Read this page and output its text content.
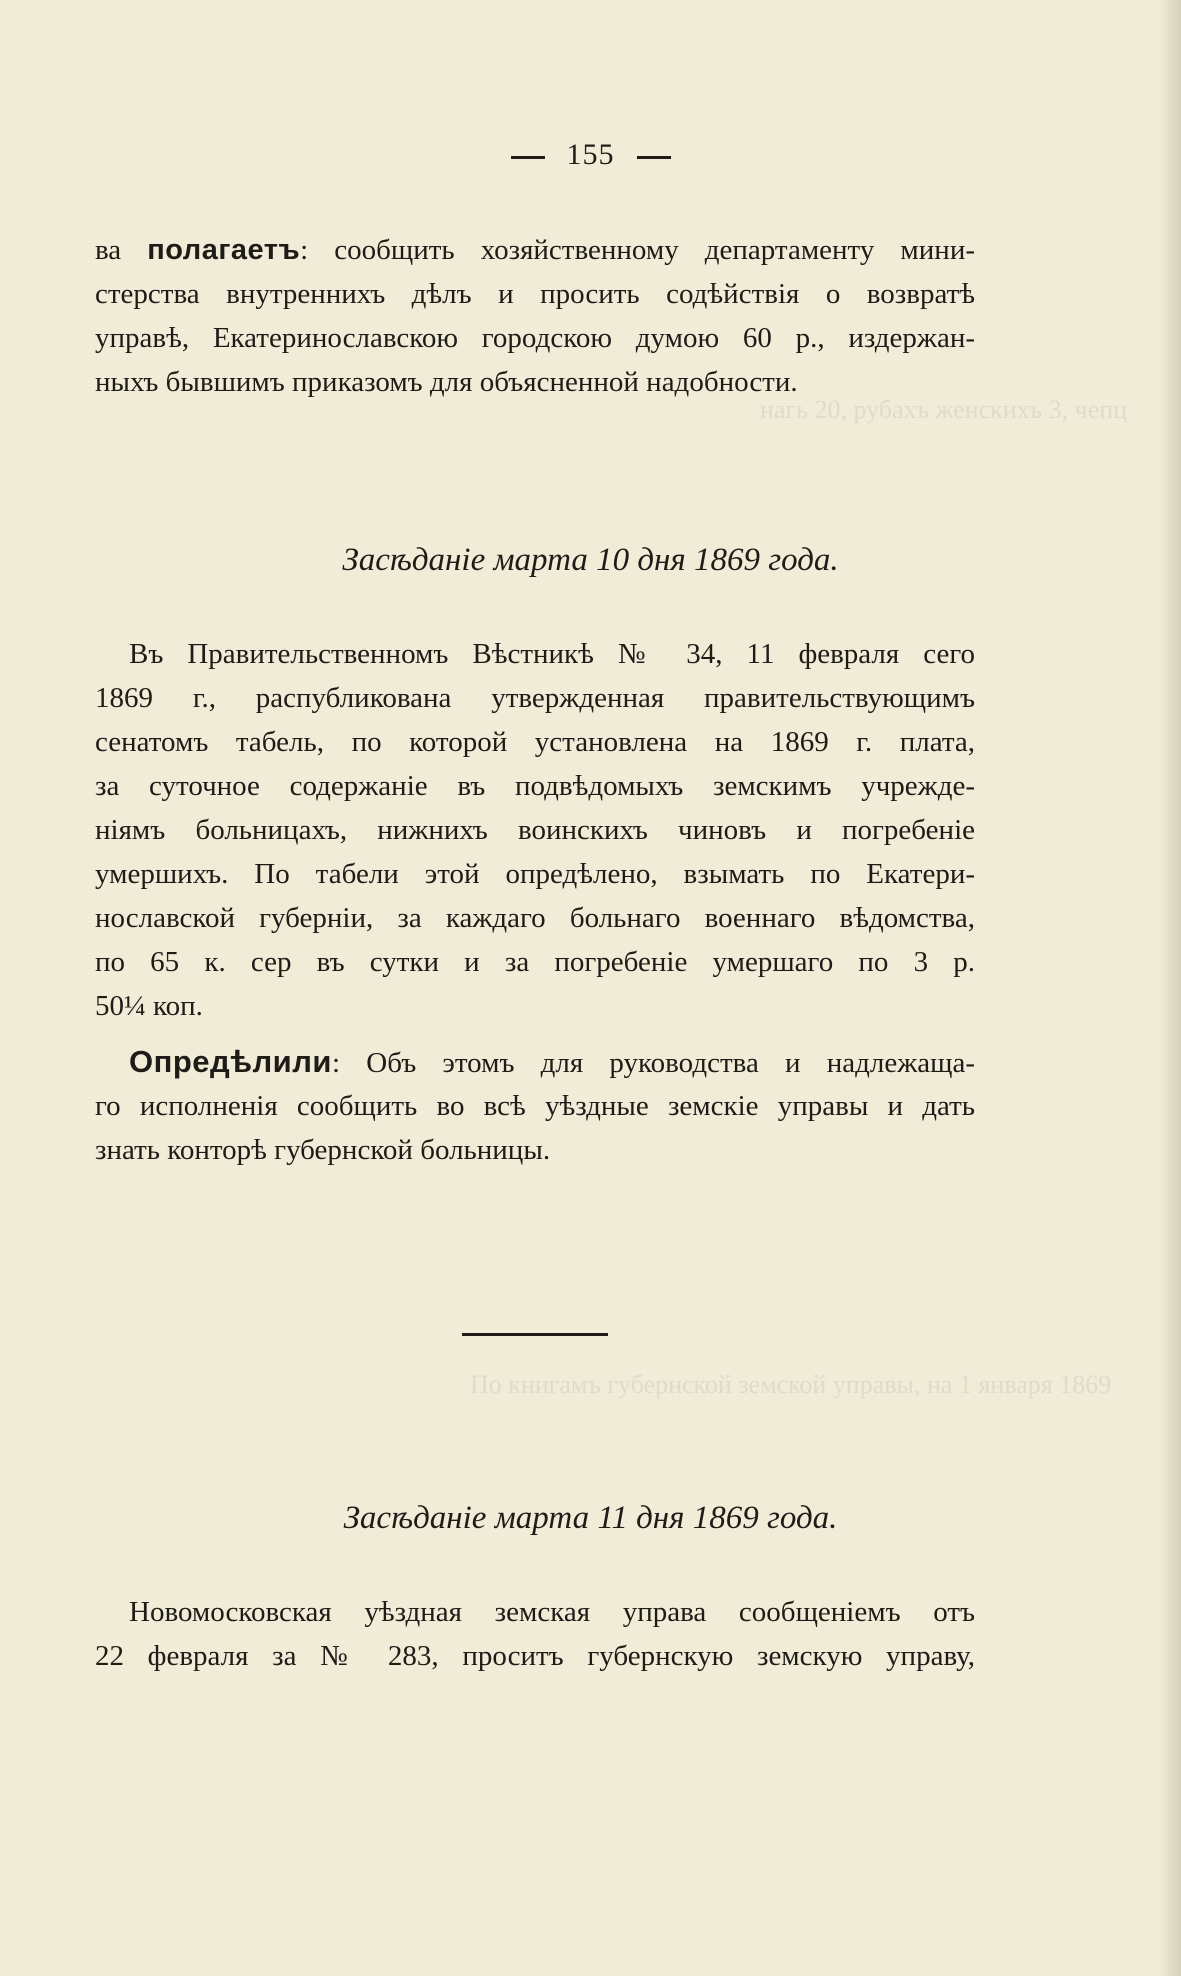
нагь 20, рубахъ женскихъ 3, чепц
По книгамъ губернской земской управы, на 1 января 1869
155
ва полагаетъ: сообщить хозяйственному департаменту мини-
стерства внутреннихъ дѣлъ и просить содѣйствія о возвратѣ
управѣ, Екатеринославскою городскою думою 60 р., издержан-
ныхъ бывшимъ приказомъ для объясненной надобности.
Засѣданіе марта 10 дня 1869 года.
Въ Правительственномъ Вѣстникѣ № 34, 11 февраля сего
1869 г., распубликована утвержденная правительствующимъ
сенатомъ табель, по которой установлена на 1869 г. плата,
за суточное содержаніе въ подвѣдомыхъ земскимъ учрежде-
ніямъ больницахъ, нижнихъ воинскихъ чиновъ и погребеніе
умершихъ. По табели этой опредѣлено, взымать по Екатери-
нославской губерніи, за каждаго больнаго военнаго вѣдомства,
по 65 к. сер въ сутки и за погребеніе умершаго по 3 р.
50¼ коп.
Опредѣлили: Объ этомъ для руководства и надлежаща-
го исполненія сообщить во всѣ уѣздные земскіе управы и дать
знать конторѣ губернской больницы.
Засѣданіе марта 11 дня 1869 года.
Новомосковская уѣздная земская управа сообщеніемъ отъ
22 февраля за № 283, проситъ губернскую земскую управу,
